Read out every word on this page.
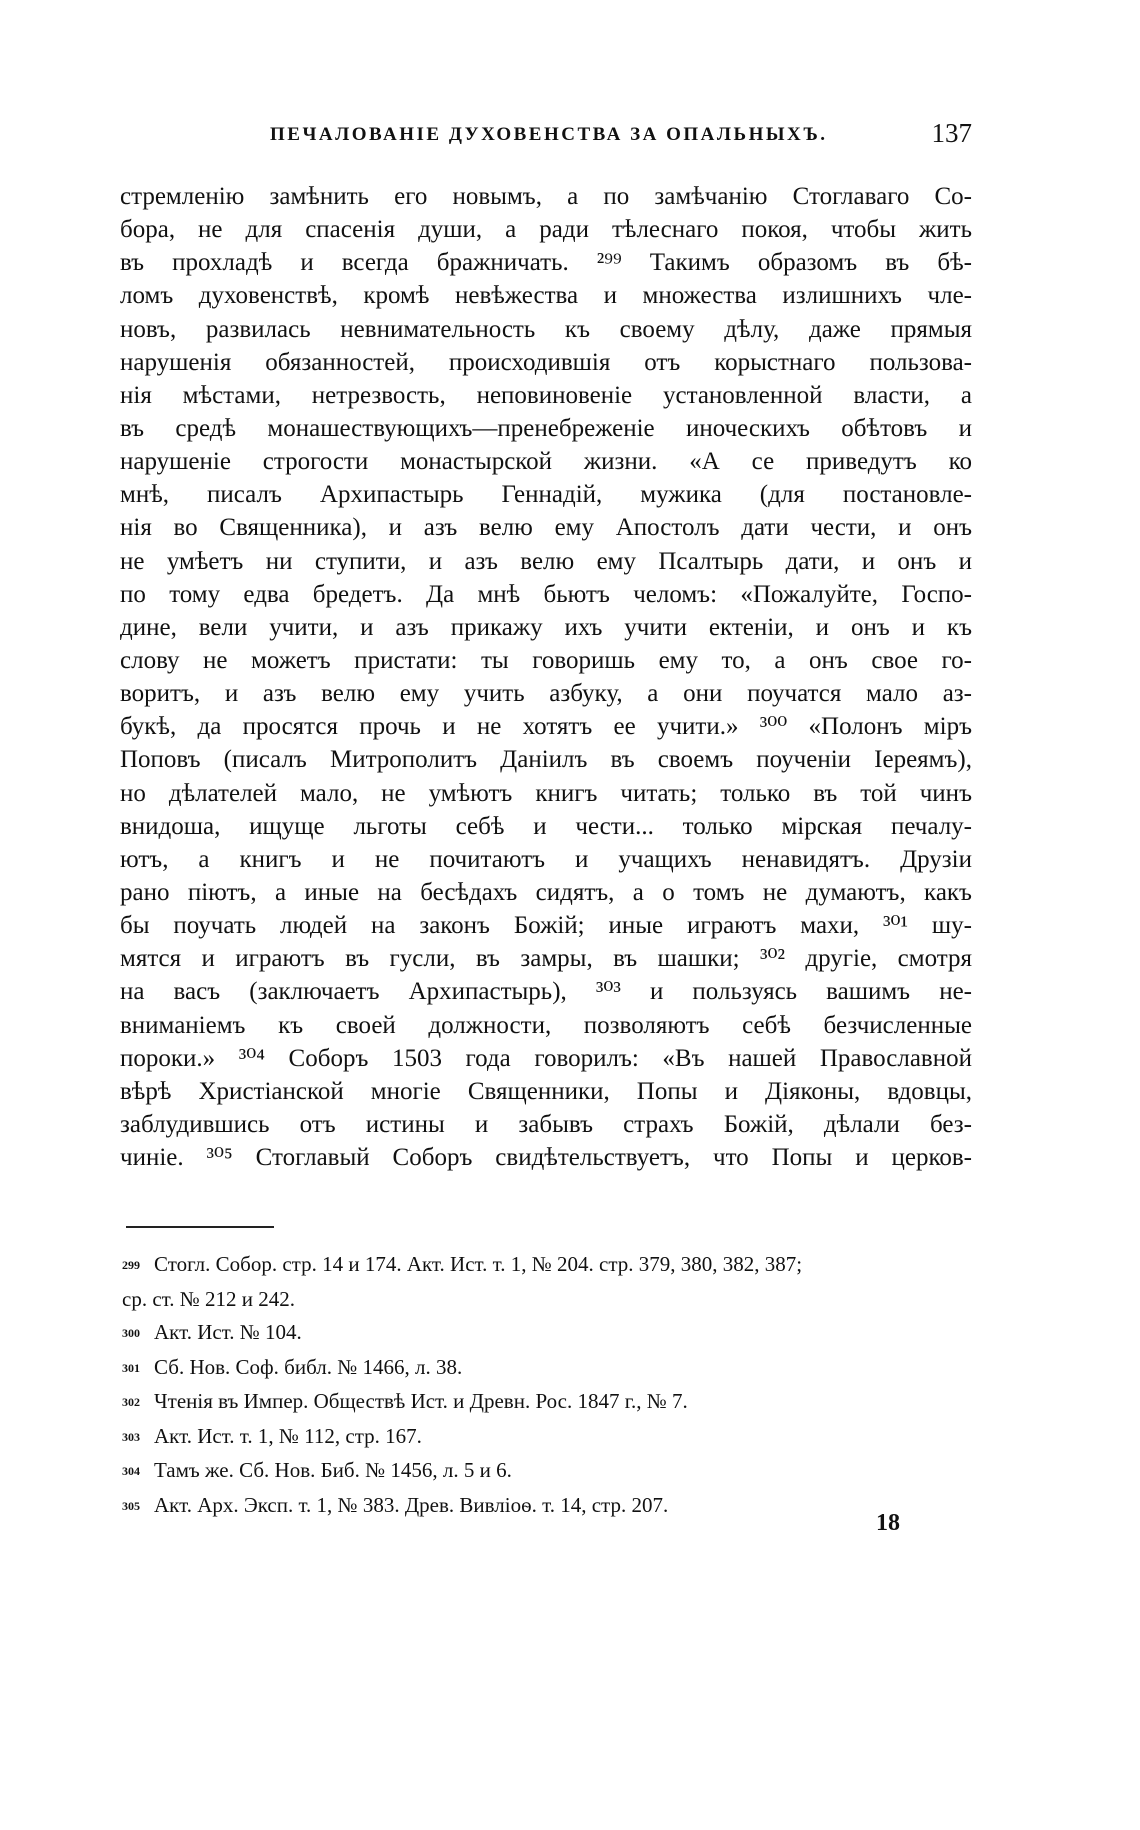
ПЕЧАЛОВАНІЕ ДУХОВЕНСТВА ЗА ОПАЛЬНЫХЪ.	137
стремленію замѣнить его новымъ, а по замѣчанію Стоглаваго Со-
бора, не для спасенія души, а ради тѣлеснаго покоя, чтобы жить
въ прохладѣ и всегда бражничать. ²⁹⁹ Такимъ образомъ въ бѣ-
ломъ духовенствѣ, кромѣ невѣжества и множества излишнихъ чле-
новъ, развилась невнимательность къ своему дѣлу, даже прямыя
нарушенія обязанностей, происходившія отъ корыстнаго пользова-
нія мѣстами, нетрезвость, неповиновеніе установленной власти, а
въ средѣ монашествующихъ—пренебреженіе иноческихъ обѣтовъ и
нарушеніе строгости монастырской жизни. «А се приведутъ ко
мнѣ, писалъ Архипастырь Геннадій, мужика (для постановле-
нія во Священника), и азъ велю ему Апостолъ дати чести, и онъ
не умѣетъ ни ступити, и азъ велю ему Псалтырь дати, и онъ и
по тому едва бредетъ. Да мнѣ бьютъ челомъ: «Пожалуйте, Госпо-
дине, вели учити, и азъ прикажу ихъ учити ектеніи, и онъ и къ
слову не можетъ пристати: ты говоришь ему то, а онъ свое го-
воритъ, и азъ велю ему учить азбуку, а они поучатся мало аз-
букѣ, да просятся прочь и не хотятъ ее учити.» ³⁰⁰ «Полонъ міръ
Поповъ (писалъ Митрополитъ Даніилъ въ своемъ поученіи Іереямъ),
но дѣлателей мало, не умѣютъ книгъ читать; только въ той чинъ
внидоша, ищуще льготы себѣ и чести... только мірская печалу-
ютъ, а книгъ и не почитаютъ и учащихъ ненавидятъ. Друзіи
рано піютъ, а иные на бесѣдахъ сидятъ, а о томъ не думаютъ, какъ
бы поучать людей на законъ Божій; иные играютъ махи, ³⁰¹ шу-
мятся и играютъ въ гусли, въ замры, въ шашки; ³⁰² другіе, смотря
на васъ (заключаетъ Архипастырь), ³⁰³ и пользуясь вашимъ не-
вниманіемъ къ своей должности, позволяютъ себѣ безчисленные
пороки.» ³⁰⁴ Соборъ 1503 года говорилъ: «Въ нашей Православной
вѣрѣ Христіанской многіе Священники, Попы и Діяконы, вдовцы,
заблудившись отъ истины и забывъ страхъ Божій, дѣлали без-
чиніе. ³⁰⁵ Стоглавый Соборъ свидѣтельствуетъ, что Попы и церков-
299 Стогл. Собор. стр. 14 и 174. Акт. Ист. т. 1, № 204. стр. 379, 380, 382, 387;
ср. ст. № 212 и 242.
300 Акт. Ист. № 104.
301 Сб. Нов. Соф. библ. № 1466, л. 38.
302 Чтенія въ Импер. Обществѣ Ист. и Древн. Рос. 1847 г., № 7.
303 Акт. Ист. т. 1, № 112, стр. 167.
304 Тамъ же. Сб. Нов. Биб. № 1456, л. 5 и 6.
305 Акт. Арх. Эксп. т. 1, № 383. Древ. Вивліоѳ. т. 14, стр. 207.
18
